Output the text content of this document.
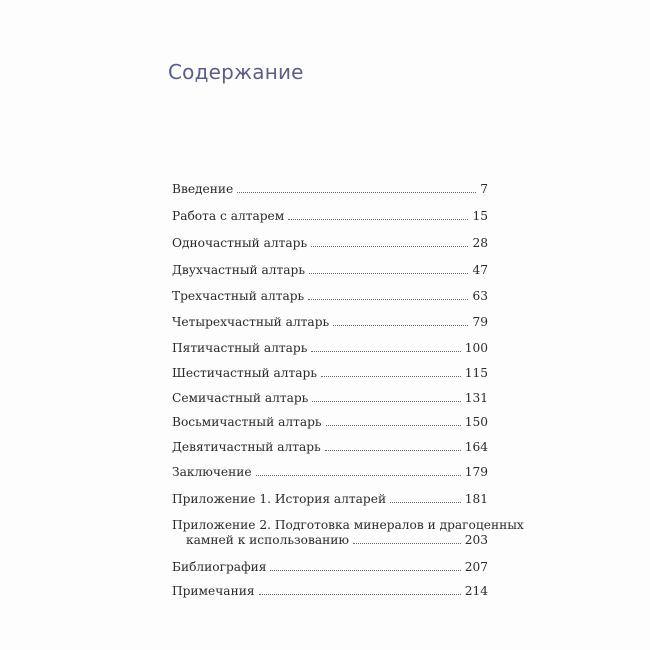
Содержание
Введение	7
Работа с алтарем	15
Одночастный алтарь	28
Двухчастный алтарь	47
Трехчастный алтарь	63
Четырехчастный алтарь	79
Пятичастный алтарь	100
Шестичастный алтарь	115
Семичастный алтарь	131
Восьмичастный алтарь	150
Девятичастный алтарь	164
Заключение	179
Приложение 1. История алтарей	181
Приложение 2. Подготовка минералов и драгоценных
камней к использованию	203
Библиография	207
Примечания	214
